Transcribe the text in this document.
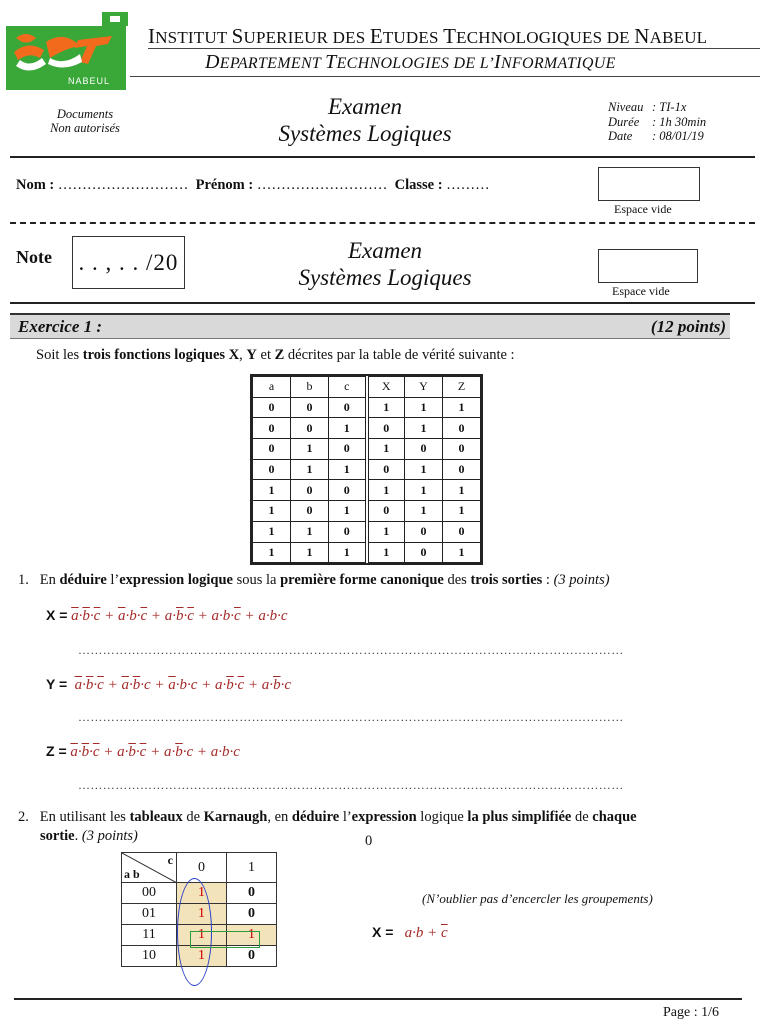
NABEUL
INSTITUT SUPERIEUR DES ETUDES TECHNOLOGIQUES DE NABEUL
DEPARTEMENT TECHNOLOGIES DE L’INFORMATIQUE
Documents
Non autorisés
Examen
Systèmes Logiques
Niveau : TI-1x
Durée	: 1h 30min
Date	: 08/01/19
Nom : ……………………… Prénom : ……………………… Classe : ………
Espace vide
Note . . , . . /20	Examen
Systèmes Logiques
Espace vide
Exercice 1 :	(12 points)
Soit les trois fonctions logiques X, Y et Z décrites par la table de vérité suivante :
a	b	c	X	Y	Z
0	0	0	1	1	1
0	0	1	0	1	0
0	1	0	1	0	0
0	1	1	0	1	0
1	0	0	1	1	1
1	0	1	0	1	1
1	1	0	1	0	0
1	1	1	1	0	1
1. En déduire l’expression logique sous la première forme canonique des trois sorties : (3 points)
$X = \overline{a}\cdot\overline{b}\cdot\overline{c} + \overline{a}\cdot b\cdot\overline{c} + a\cdot\overline{b}\cdot\overline{c} + a\cdot b\cdot\overline{c} + a\cdot b\cdot c$
……………………………………………………………………………………………………………………
$Y = \overline{a}\cdot\overline{b}\cdot\overline{c} + \overline{a}\cdot\overline{b}\cdot c + \overline{a}\cdot b\cdot c + a\cdot\overline{b}\cdot\overline{c} + a\cdot\overline{b}\cdot c$
……………………………………………………………………………………………………………………
$Z = \overline{a}\cdot\overline{b}\cdot\overline{c} + a\cdot\overline{b}\cdot\overline{c} + a\cdot\overline{b}\cdot c + a\cdot b\cdot c$
……………………………………………………………………………………………………………………
2. En utilisant les tableaux de Karnaugh, en déduire l’expression logique la plus simplifiée de chaque
sortie. (3 points)	0
c
a b	0	1
00	1	0
01	1	0
11	1	1
10	1	0
(N’oublier pas d’encercler les groupements)
$X = a\cdot b + \overline{c}$
Page : 1/6
